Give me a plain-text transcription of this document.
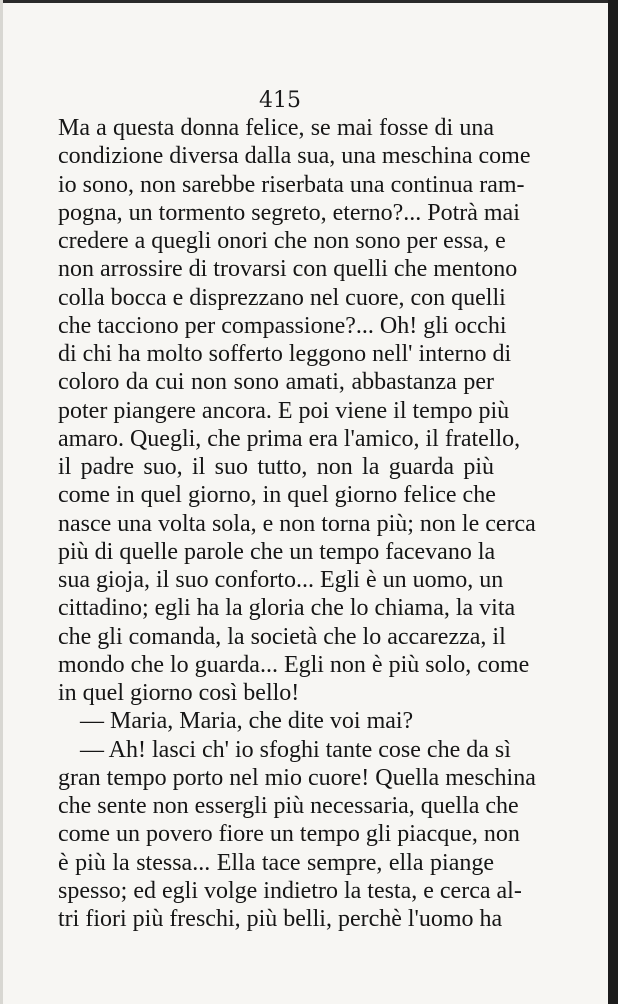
415
Ma a questa donna felice, se mai fosse di una
condizione diversa dalla sua, una meschina come
io sono, non sarebbe riserbata una continua ram-
pogna, un tormento segreto, eterno?... Potrà mai
credere a quegli onori che non sono per essa, e
non arrossire di trovarsi con quelli che mentono
colla bocca e disprezzano nel cuore, con quelli
che tacciono per compassione?... Oh! gli occhi
di chi ha molto sofferto leggono nell' interno di
coloro da cui non sono amati, abbastanza per
poter piangere ancora. E poi viene il tempo più
amaro. Quegli, che prima era l'amico, il fratello,
il padre suo, il suo tutto, non la guarda più
come in quel giorno, in quel giorno felice che
nasce una volta sola, e non torna più; non le cerca
più di quelle parole che un tempo facevano la
sua gioja, il suo conforto... Egli è un uomo, un
cittadino; egli ha la gloria che lo chiama, la vita
che gli comanda, la società che lo accarezza, il
mondo che lo guarda... Egli non è più solo, come
in quel giorno così bello!
— Maria, Maria, che dite voi mai?
— Ah! lasci ch' io sfoghi tante cose che da sì
gran tempo porto nel mio cuore! Quella meschina
che sente non essergli più necessaria, quella che
come un povero fiore un tempo gli piacque, non
è più la stessa... Ella tace sempre, ella piange
spesso; ed egli volge indietro la testa, e cerca al-
tri fiori più freschi, più belli, perchè l'uomo ha
